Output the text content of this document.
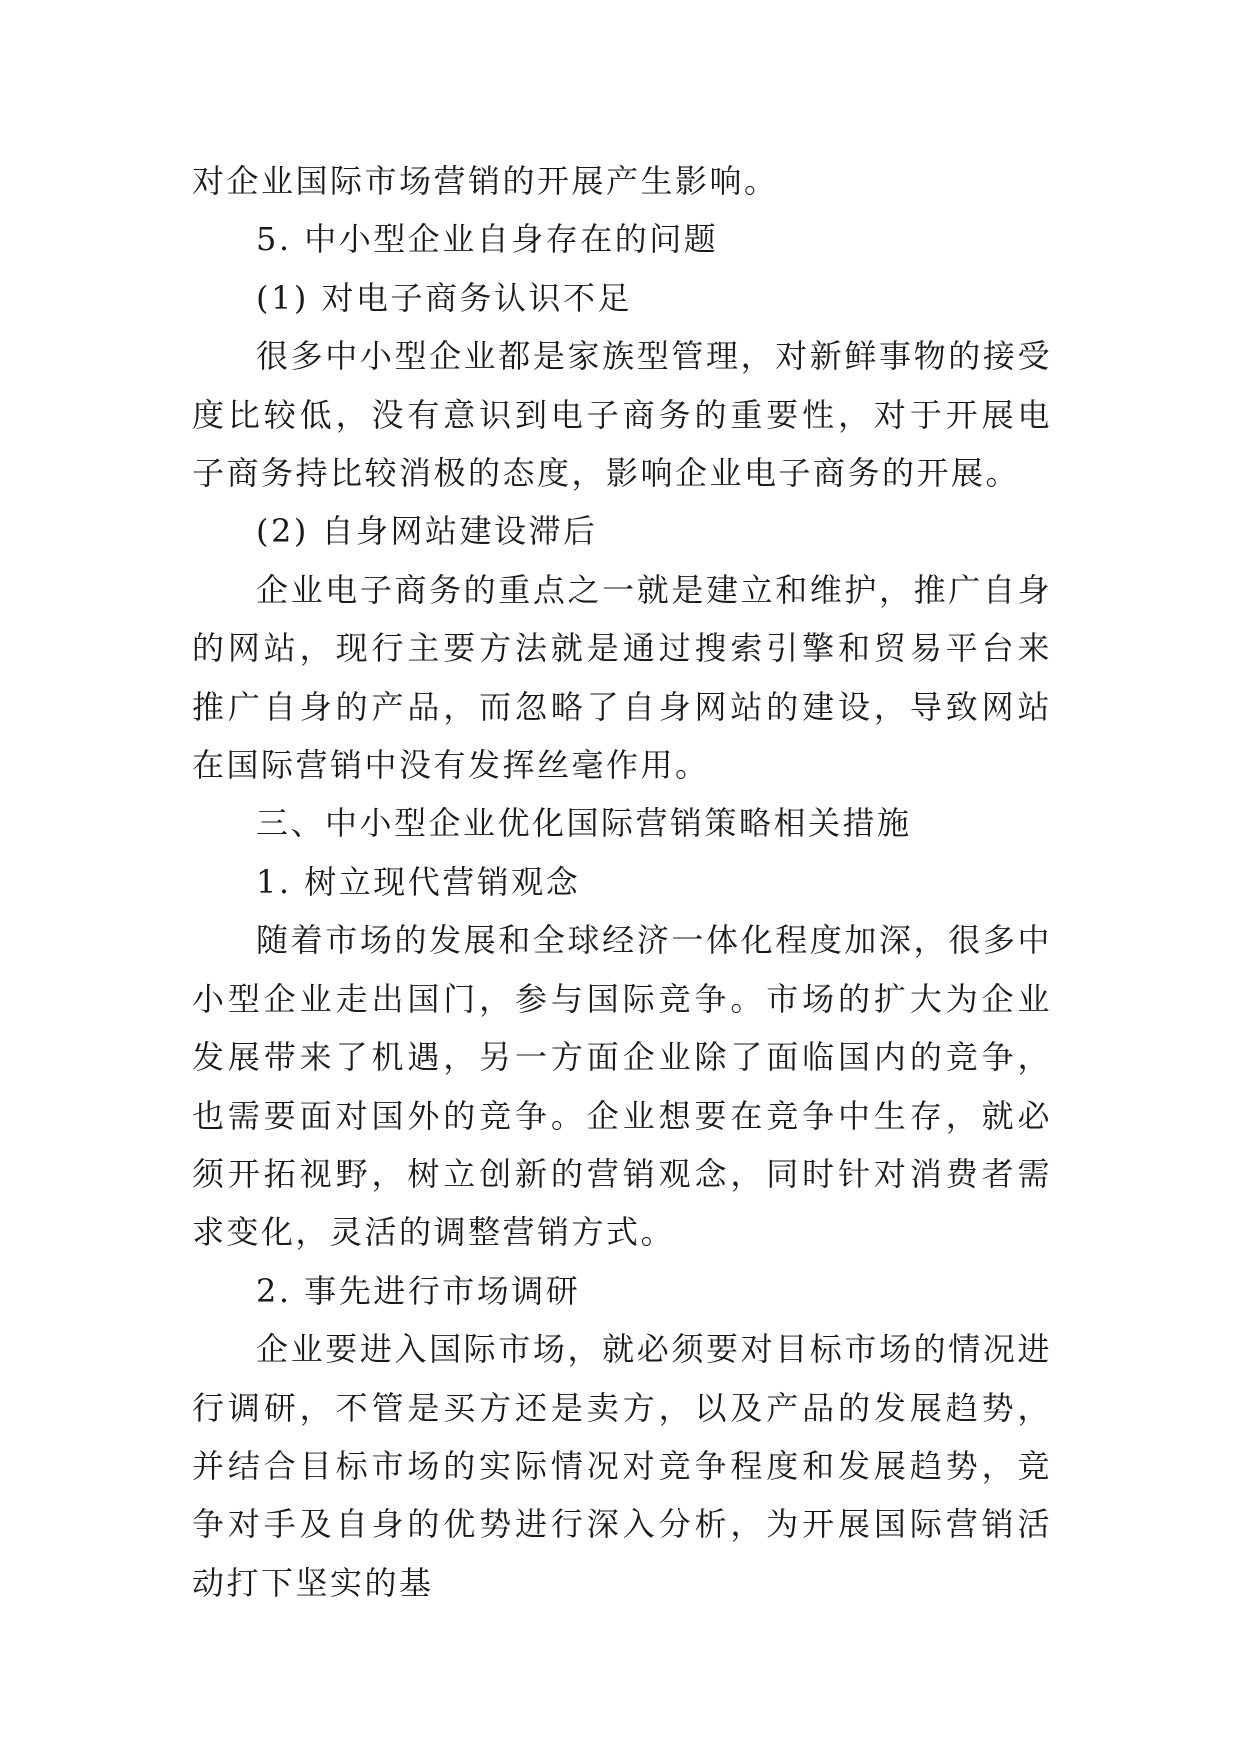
对企业国际市场营销的开展产生影响。

5. 中小型企业自身存在的问题

(1) 对电子商务认识不足

很多中小型企业都是家族型管理，对新鲜事物的接受度比较低，没有意识到电子商务的重要性，对于开展电子商务持比较消极的态度，影响企业电子商务的开展。

(2) 自身网站建设滞后

企业电子商务的重点之一就是建立和维护，推广自身的网站，现行主要方法就是通过搜索引擎和贸易平台来推广自身的产品，而忽略了自身网站的建设，导致网站在国际营销中没有发挥丝毫作用。

三、中小型企业优化国际营销策略相关措施

1. 树立现代营销观念

随着市场的发展和全球经济一体化程度加深，很多中小型企业走出国门，参与国际竞争。市场的扩大为企业发展带来了机遇，另一方面企业除了面临国内的竞争，也需要面对国外的竞争。企业想要在竞争中生存，就必须开拓视野，树立创新的营销观念，同时针对消费者需求变化，灵活的调整营销方式。

2. 事先进行市场调研

企业要进入国际市场，就必须要对目标市场的情况进行调研，不管是买方还是卖方，以及产品的发展趋势，并结合目标市场的实际情况对竞争程度和发展趋势，竞争对手及自身的优势进行深入分析，为开展国际营销活动打下坚实的基
